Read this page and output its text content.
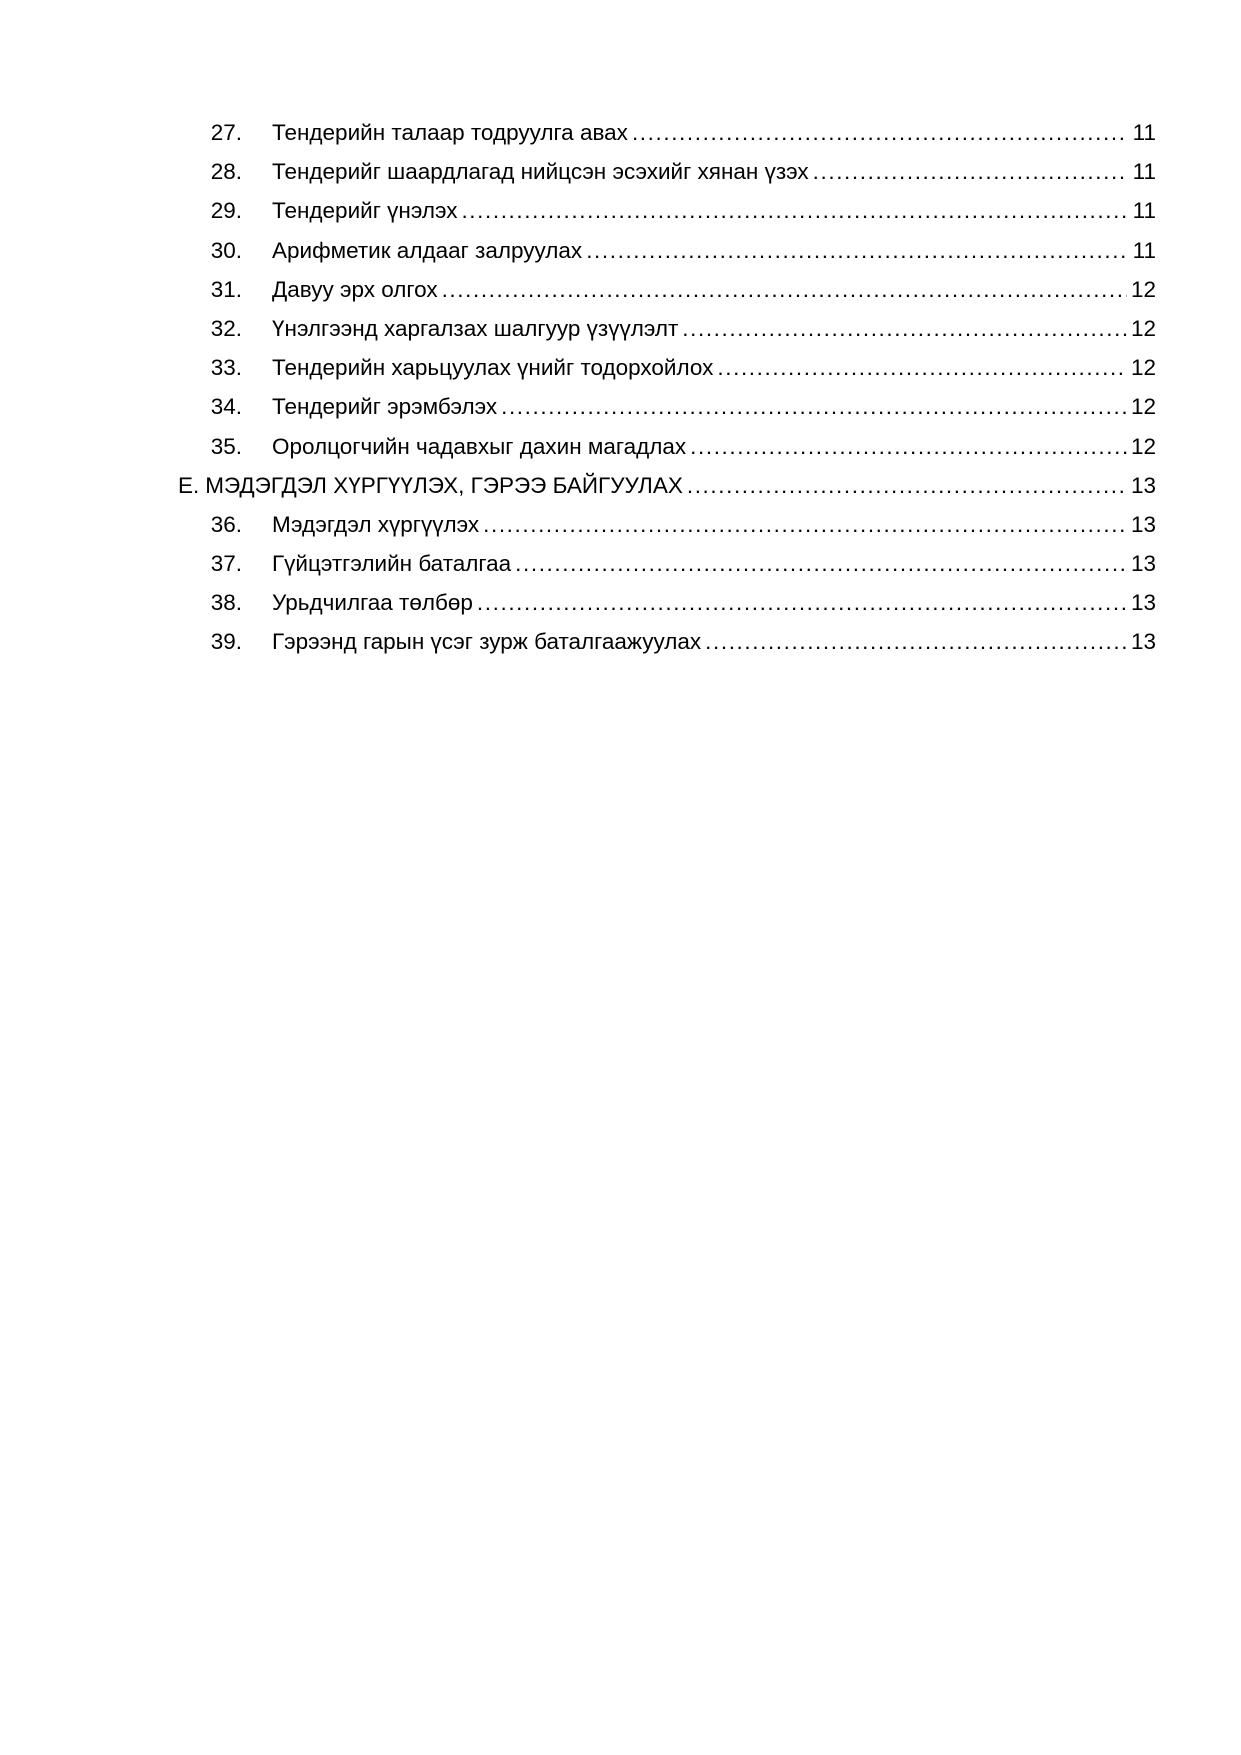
27.	Тендерийн талаар тодруулга авах .....	11
28.	Тендерийг шаардлагад нийцсэн эсэхийг хянан үзэх .....	11
29.	Тендерийг үнэлэх .....	11
30.	Арифметик алдааг залруулах .....	11
31.	Давуу эрх олгох .....	12
32.	Үнэлгээнд харгалзах шалгуур үзүүлэлт .....	12
33.	Тендерийн харьцуулах үнийг тодорхойлох .....	12
34.	Тендерийг эрэмбэлэх .....	12
35.	Оролцогчийн чадавхыг дахин магадлах .....	12
Е. МЭДЭГДЭЛ ХҮРГҮҮЛЭХ, ГЭРЭЭ БАЙГУУЛАХ .....	13
36.	Мэдэгдэл хүргүүлэх .....	13
37.	Гүйцэтгэлийн баталгаа .....	13
38.	Урьдчилгаа төлбөр .....	13
39.	Гэрээнд гарын үсэг зурж баталгаажуулах .....	13
